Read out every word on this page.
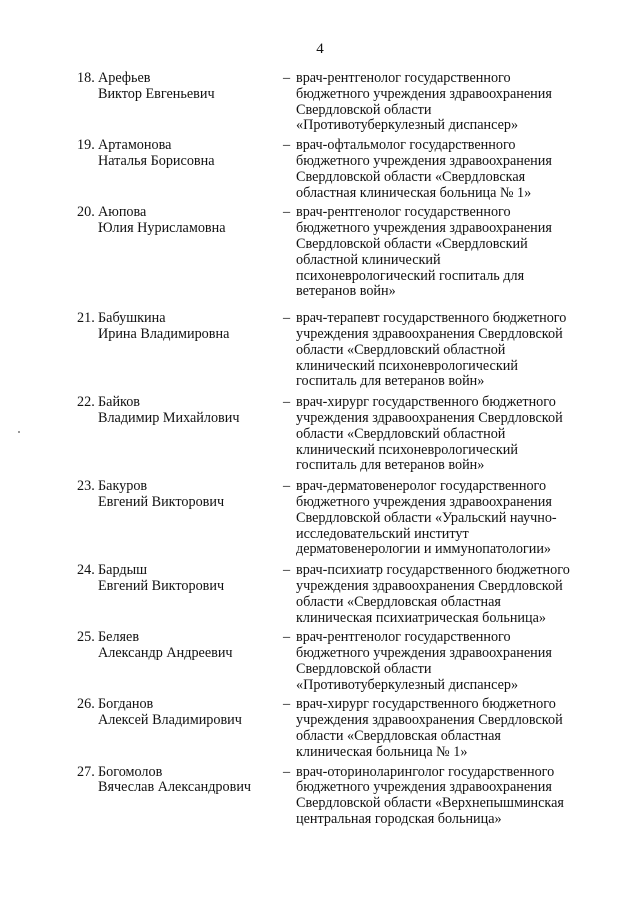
4
18. Арефьев
Виктор Евгеньевич
– врач-рентгенолог государственного
бюджетного учреждения здравоохранения
Свердловской области
«Противотуберкулезный диспансер»
19. Артамонова
Наталья Борисовна
– врач-офтальмолог государственного
бюджетного учреждения здравоохранения
Свердловской области «Свердловская
областная клиническая больница № 1»
20. Аюпова
Юлия Нурисламовна
– врач-рентгенолог государственного
бюджетного учреждения здравоохранения
Свердловской области «Свердловский
областной клинический
психоневрологический госпиталь для
ветеранов войн»
21. Бабушкина
Ирина Владимировна
– врач-терапевт государственного бюджетного
учреждения здравоохранения Свердловской
области «Свердловский областной
клинический психоневрологический
госпиталь для ветеранов войн»
22. Байков
Владимир Михайлович
– врач-хирург государственного бюджетного
учреждения здравоохранения Свердловской
области «Свердловский областной
клинический психоневрологический
госпиталь для ветеранов войн»
23. Бакуров
Евгений Викторович
– врач-дерматовенеролог государственного
бюджетного учреждения здравоохранения
Свердловской области «Уральский научно-
исследовательский институт
дерматовенерологии и иммунопатологии»
24. Бардыш
Евгений Викторович
– врач-психиатр государственного бюджетного
учреждения здравоохранения Свердловской
области «Свердловская областная
клиническая психиатрическая больница»
25. Беляев
Александр Андреевич
– врач-рентгенолог государственного
бюджетного учреждения здравоохранения
Свердловской области
«Противотуберкулезный диспансер»
26. Богданов
Алексей Владимирович
– врач-хирург государственного бюджетного
учреждения здравоохранения Свердловской
области «Свердловская областная
клиническая больница № 1»
27. Богомолов
Вячеслав Александрович
– врач-оториноларинголог государственного
бюджетного учреждения здравоохранения
Свердловской области «Верхнепышминская
центральная городская больница»
